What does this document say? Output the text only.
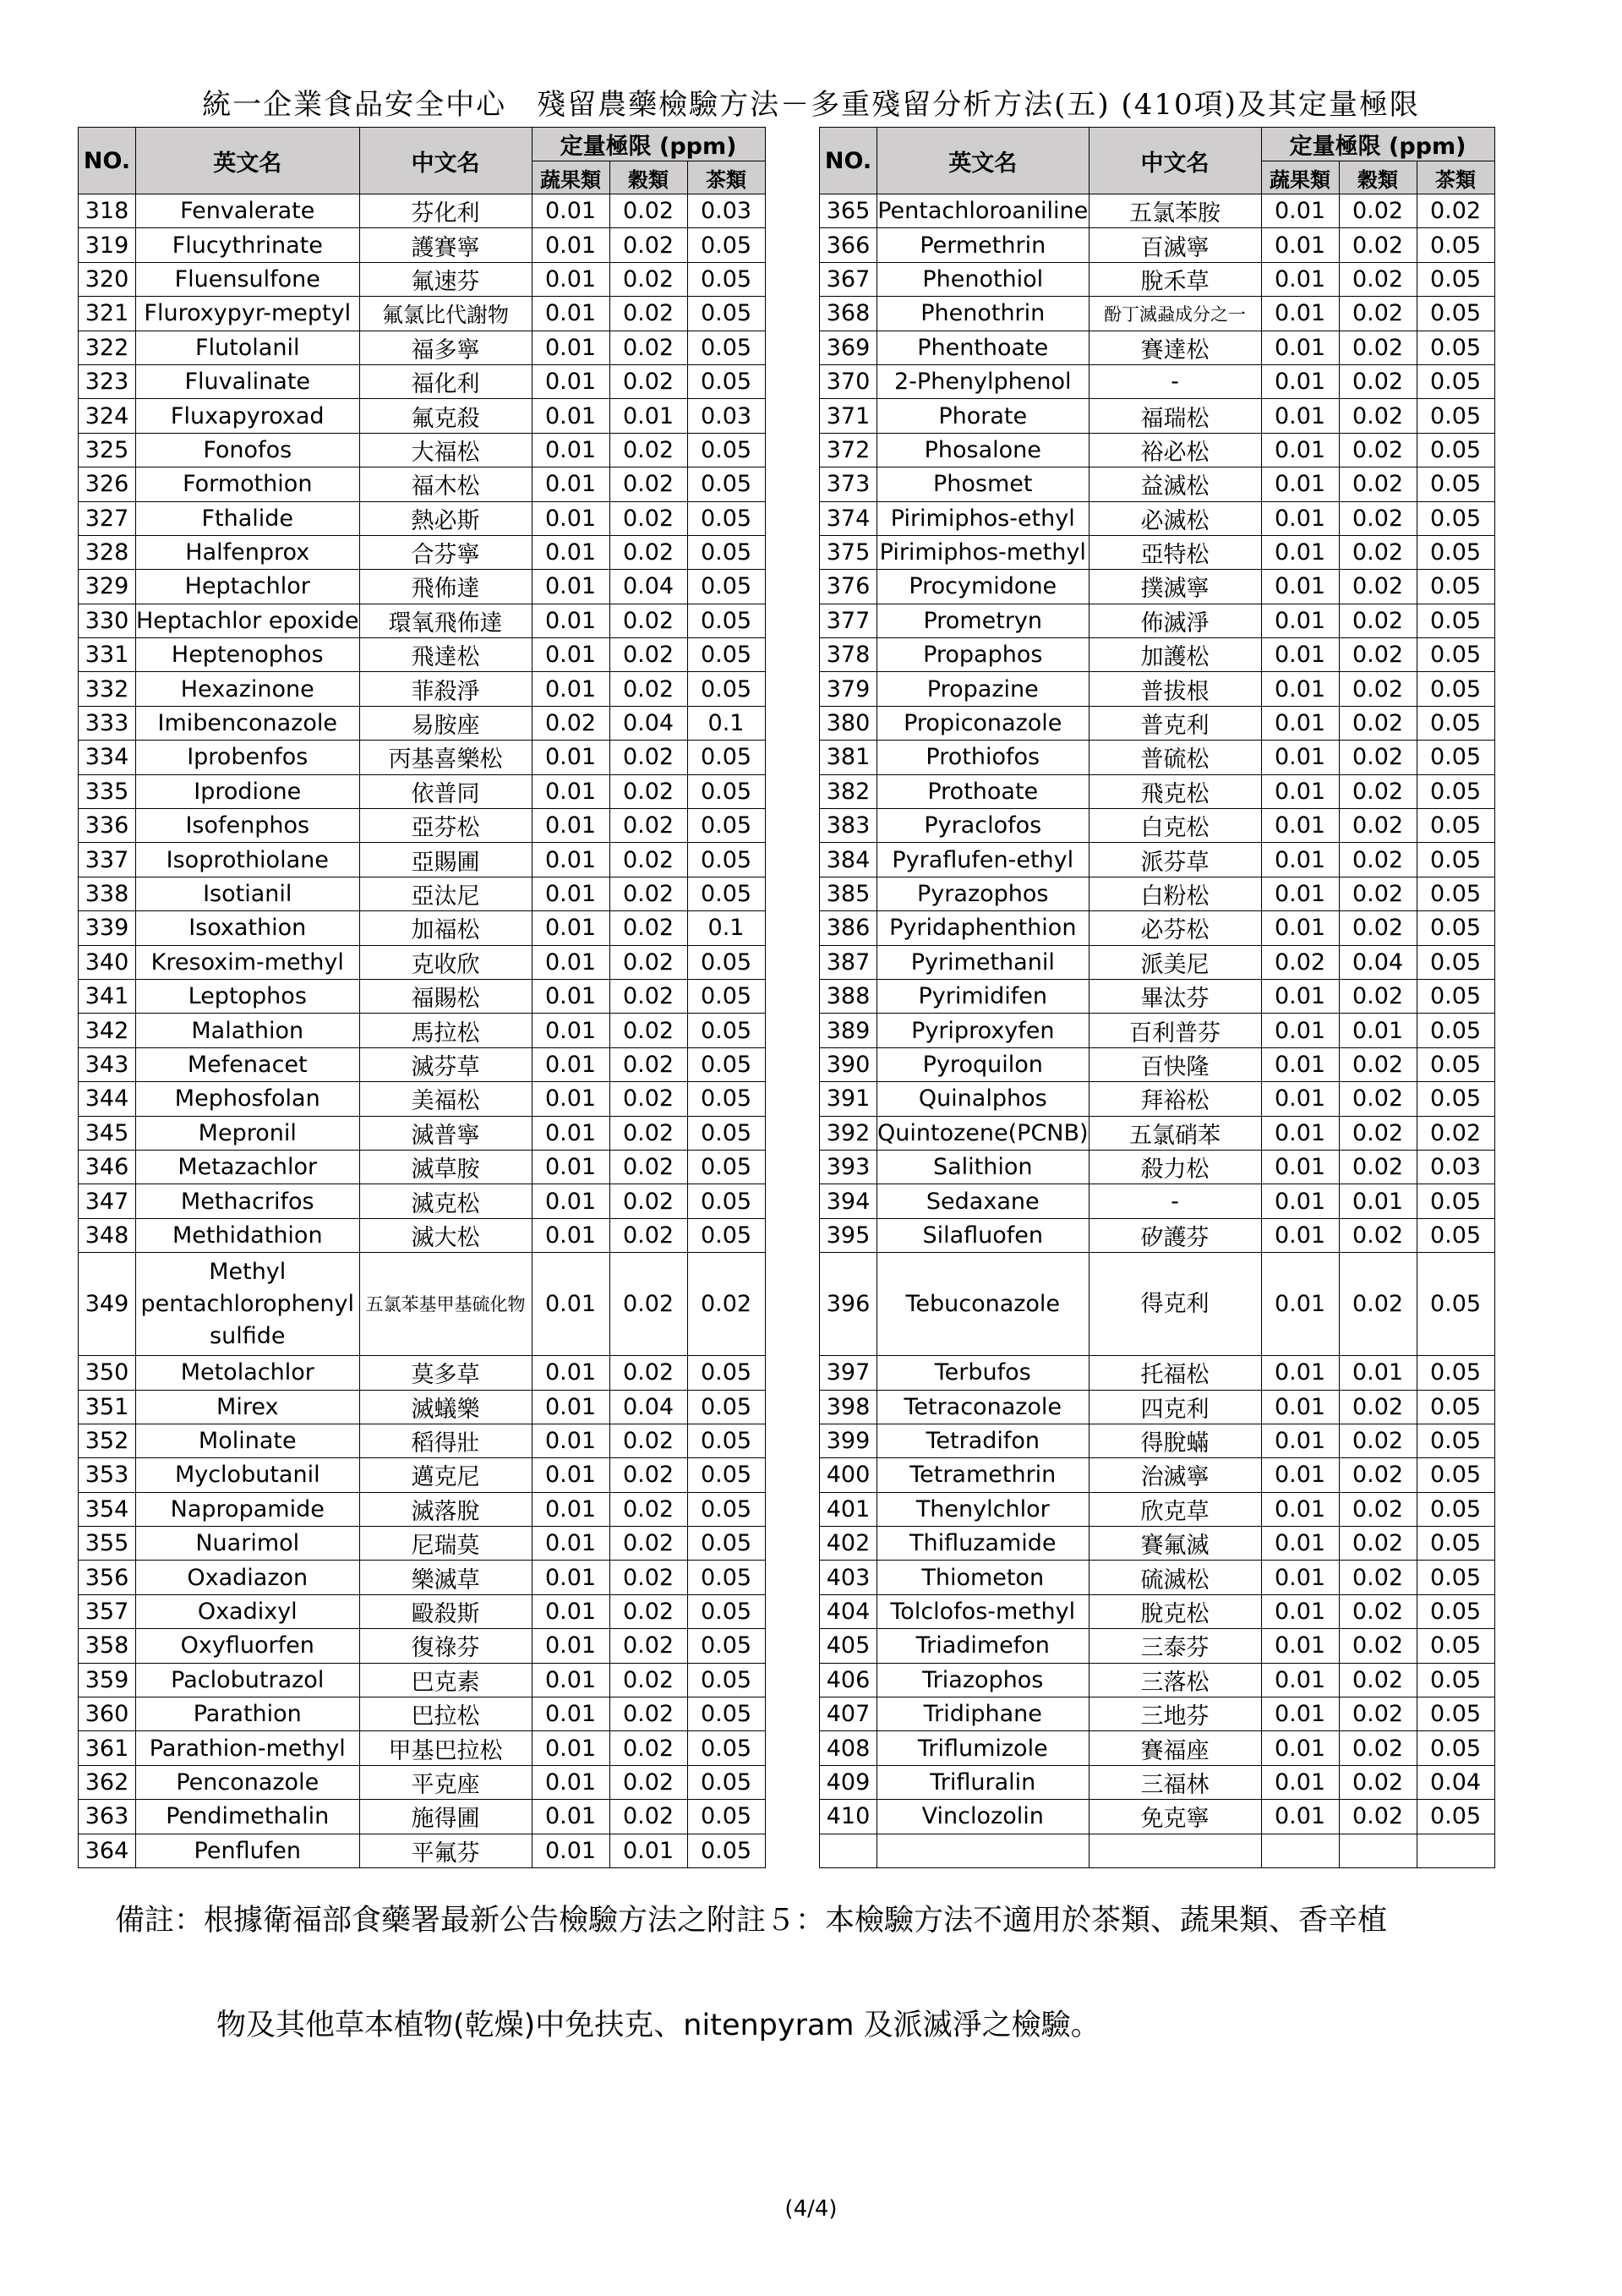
統一企業食品安全中心　殘留農藥檢驗方法－多重殘留分析方法(五) (410項)及其定量極限
NO.	英文名	中文名	定量極限 (ppm)		
			蔬果類	穀類	茶類
318	Fenvalerate	芬化利	0.01	0.02	0.03
319	Flucythrinate	護賽寧	0.01	0.02	0.05
320	Fluensulfone	氟速芬	0.01	0.02	0.05
321	Fluroxypyr-meptyl	氟氯比代謝物	0.01	0.02	0.05
322	Flutolanil	福多寧	0.01	0.02	0.05
323	Fluvalinate	福化利	0.01	0.02	0.05
324	Fluxapyroxad	氟克殺	0.01	0.01	0.03
325	Fonofos	大福松	0.01	0.02	0.05
326	Formothion	福木松	0.01	0.02	0.05
327	Fthalide	熱必斯	0.01	0.02	0.05
328	Halfenprox	合芬寧	0.01	0.02	0.05
329	Heptachlor	飛佈達	0.01	0.04	0.05
330	Heptachlor epoxide	環氧飛佈達	0.01	0.02	0.05
331	Heptenophos	飛達松	0.01	0.02	0.05
332	Hexazinone	菲殺淨	0.01	0.02	0.05
333	Imibenconazole	易胺座	0.02	0.04	0.1
334	Iprobenfos	丙基喜樂松	0.01	0.02	0.05
335	Iprodione	依普同	0.01	0.02	0.05
336	Isofenphos	亞芬松	0.01	0.02	0.05
337	Isoprothiolane	亞賜圃	0.01	0.02	0.05
338	Isotianil	亞汰尼	0.01	0.02	0.05
339	Isoxathion	加福松	0.01	0.02	0.1
340	Kresoxim-methyl	克收欣	0.01	0.02	0.05
341	Leptophos	福賜松	0.01	0.02	0.05
342	Malathion	馬拉松	0.01	0.02	0.05
343	Mefenacet	滅芬草	0.01	0.02	0.05
344	Mephosfolan	美福松	0.01	0.02	0.05
345	Mepronil	滅普寧	0.01	0.02	0.05
346	Metazachlor	滅草胺	0.01	0.02	0.05
347	Methacrifos	滅克松	0.01	0.02	0.05
348	Methidathion	滅大松	0.01	0.02	0.05
349	Methyl pentachlorophenyl sulfide	五氯苯基甲基硫化物	0.01	0.02	0.02
350	Metolachlor	莫多草	0.01	0.02	0.05
351	Mirex	滅蟻樂	0.01	0.04	0.05
352	Molinate	稻得壯	0.01	0.02	0.05
353	Myclobutanil	邁克尼	0.01	0.02	0.05
354	Napropamide	滅落脫	0.01	0.02	0.05
355	Nuarimol	尼瑞莫	0.01	0.02	0.05
356	Oxadiazon	樂滅草	0.01	0.02	0.05
357	Oxadixyl	毆殺斯	0.01	0.02	0.05
358	Oxyfluorfen	復祿芬	0.01	0.02	0.05
359	Paclobutrazol	巴克素	0.01	0.02	0.05
360	Parathion	巴拉松	0.01	0.02	0.05
361	Parathion-methyl	甲基巴拉松	0.01	0.02	0.05
362	Penconazole	平克座	0.01	0.02	0.05
363	Pendimethalin	施得圃	0.01	0.02	0.05
364	Penflufen	平氟芬	0.01	0.01	0.05
NO.	英文名	中文名	定量極限 (ppm)		
			蔬果類	穀類	茶類
365	Pentachloroaniline	五氯苯胺	0.01	0.02	0.02
366	Permethrin	百滅寧	0.01	0.02	0.05
367	Phenothiol	脫禾草	0.01	0.02	0.05
368	Phenothrin	酚丁滅蝨成分之一	0.01	0.02	0.05
369	Phenthoate	賽達松	0.01	0.02	0.05
370	2-Phenylphenol	-	0.01	0.02	0.05
371	Phorate	福瑞松	0.01	0.02	0.05
372	Phosalone	裕必松	0.01	0.02	0.05
373	Phosmet	益滅松	0.01	0.02	0.05
374	Pirimiphos-ethyl	必滅松	0.01	0.02	0.05
375	Pirimiphos-methyl	亞特松	0.01	0.02	0.05
376	Procymidone	撲滅寧	0.01	0.02	0.05
377	Prometryn	佈滅淨	0.01	0.02	0.05
378	Propaphos	加護松	0.01	0.02	0.05
379	Propazine	普拔根	0.01	0.02	0.05
380	Propiconazole	普克利	0.01	0.02	0.05
381	Prothiofos	普硫松	0.01	0.02	0.05
382	Prothoate	飛克松	0.01	0.02	0.05
383	Pyraclofos	白克松	0.01	0.02	0.05
384	Pyraflufen-ethyl	派芬草	0.01	0.02	0.05
385	Pyrazophos	白粉松	0.01	0.02	0.05
386	Pyridaphenthion	必芬松	0.01	0.02	0.05
387	Pyrimethanil	派美尼	0.02	0.04	0.05
388	Pyrimidifen	畢汰芬	0.01	0.02	0.05
389	Pyriproxyfen	百利普芬	0.01	0.01	0.05
390	Pyroquilon	百快隆	0.01	0.02	0.05
391	Quinalphos	拜裕松	0.01	0.02	0.05
392	Quintozene(PCNB)	五氯硝苯	0.01	0.02	0.02
393	Salithion	殺力松	0.01	0.02	0.03
394	Sedaxane	-	0.01	0.01	0.05
395	Silafluofen	矽護芬	0.01	0.02	0.05
396	Tebuconazole	得克利	0.01	0.02	0.05
397	Terbufos	托福松	0.01	0.01	0.05
398	Tetraconazole	四克利	0.01	0.02	0.05
399	Tetradifon	得脫蟎	0.01	0.02	0.05
400	Tetramethrin	治滅寧	0.01	0.02	0.05
401	Thenylchlor	欣克草	0.01	0.02	0.05
402	Thifluzamide	賽氟滅	0.01	0.02	0.05
403	Thiometon	硫滅松	0.01	0.02	0.05
404	Tolclofos-methyl	脫克松	0.01	0.02	0.05
405	Triadimefon	三泰芬	0.01	0.02	0.05
406	Triazophos	三落松	0.01	0.02	0.05
407	Tridiphane	三地芬	0.01	0.02	0.05
408	Triflumizole	賽福座	0.01	0.02	0.05
409	Trifluralin	三福林	0.01	0.02	0.04
410	Vinclozolin	免克寧	0.01	0.02	0.05

備註：根據衛福部食藥署最新公告檢驗方法之附註５：本檢驗方法不適用於茶類、蔬果類、香辛植
物及其他草本植物(乾燥)中免扶克、nitenpyram 及派滅淨之檢驗。
(4/4)
